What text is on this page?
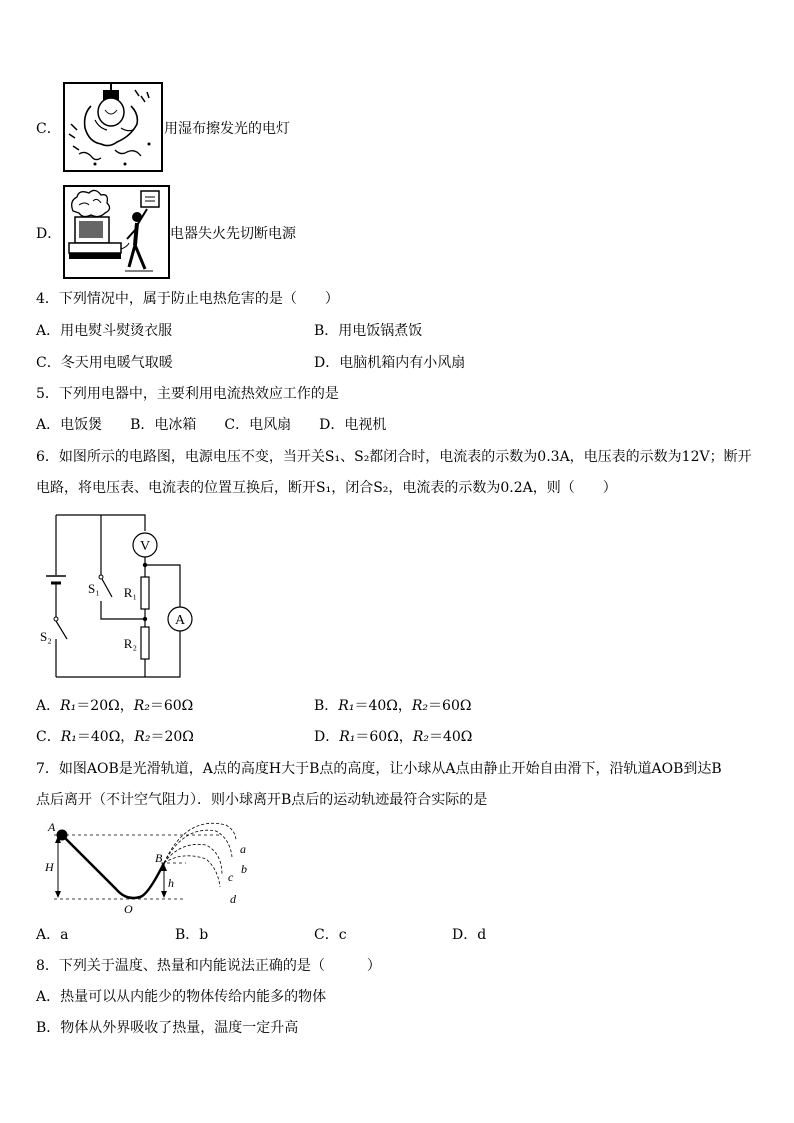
C．	用湿布擦发光的电灯
D．	电器失火先切断电源
4．下列情况中，属于防止电热危害的是（　　）
A．用电熨斗熨烫衣服	B．用电饭锅煮饭
C．冬天用电暖气取暖	D．电脑机箱内有小风扇
5．下列用电器中，主要利用电流热效应工作的是
A．电饭煲　　B．电冰箱　　C．电风扇　　D．电视机
6．如图所示的电路图，电源电压不变，当开关S₁、S₂都闭合时，电流表的示数为0.3A，电压表的示数为12V；断开
电路，将电压表、电流表的位置互换后，断开S₁，闭合S₂，电流表的示数为0.2A，则（　　）
V
R₁
R₂
A
S₁
S₂
A．R₁＝20Ω，R₂＝60Ω	B．R₁＝40Ω，R₂＝60Ω
C．R₁＝40Ω，R₂＝20Ω	D．R₁＝60Ω，R₂＝40Ω
7．如图AOB是光滑轨道，A点的高度H大于B点的高度，让小球从A点由静止开始自由滑下，沿轨道AOB到达B
点后离开（不计空气阻力）．则小球离开B点后的运动轨迹最符合实际的是
H
h
A
B
O
a
b
c
d
A．a	B．b	C．c	D．d
8．下列关于温度、热量和内能说法正确的是（　　　）
A．热量可以从内能少的物体传给内能多的物体
B．物体从外界吸收了热量，温度一定升高
